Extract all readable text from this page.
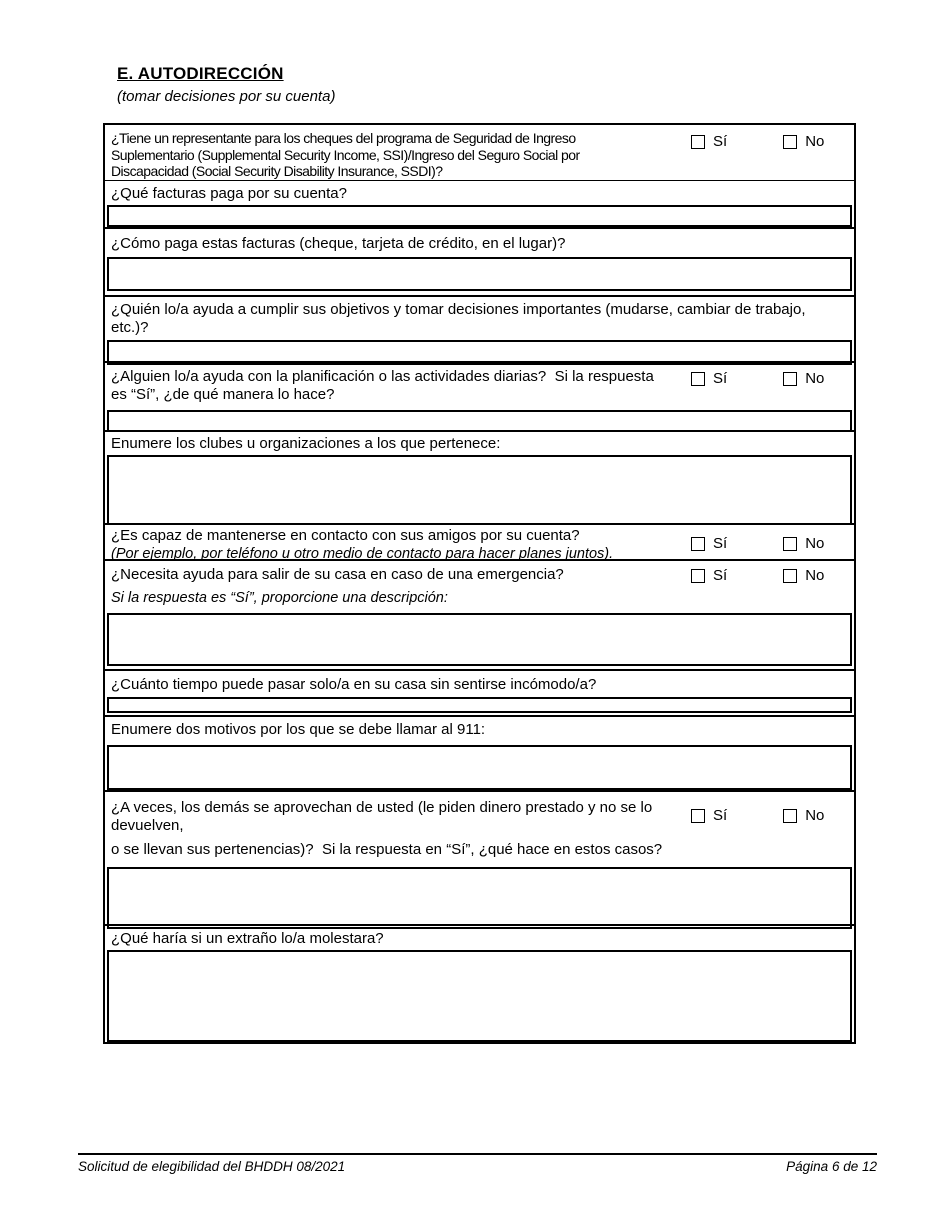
E. AUTODIRECCIÓN
(tomar decisiones por su cuenta)
¿Tiene un representante para los cheques del programa de Seguridad de Ingreso Suplementario (Supplemental Security Income, SSI)/Ingreso del Seguro Social por Discapacidad (Social Security Disability Insurance, SSDI)?
Sí	No
¿Qué facturas paga por su cuenta?
¿Cómo paga estas facturas (cheque, tarjeta de crédito, en el lugar)?
¿Quién lo/a ayuda a cumplir sus objetivos y tomar decisiones importantes (mudarse, cambiar de trabajo, etc.)?
¿Alguien lo/a ayuda con la planificación o las actividades diarias?  Si la respuesta es “Sí”, ¿de qué manera lo hace?
Sí	No
Enumere los clubes u organizaciones a los que pertenece:
¿Es capaz de mantenerse en contacto con sus amigos por su cuenta?
(Por ejemplo, por teléfono u otro medio de contacto para hacer planes juntos).
Sí	No
¿Necesita ayuda para salir de su casa en caso de una emergencia?	Sí	No
Si la respuesta es “Sí”, proporcione una descripción:
¿Cuánto tiempo puede pasar solo/a en su casa sin sentirse incómodo/a?
Enumere dos motivos por los que se debe llamar al 911:
¿A veces, los demás se aprovechan de usted (le piden dinero prestado y no se lo devuelven,
o se llevan sus pertenencias)?  Si la respuesta en “Sí”, ¿qué hace en estos casos?
Sí	No
¿Qué haría si un extraño lo/a molestara?
Solicitud de elegibilidad del BHDDH 08/2021	Página 6 de 12
